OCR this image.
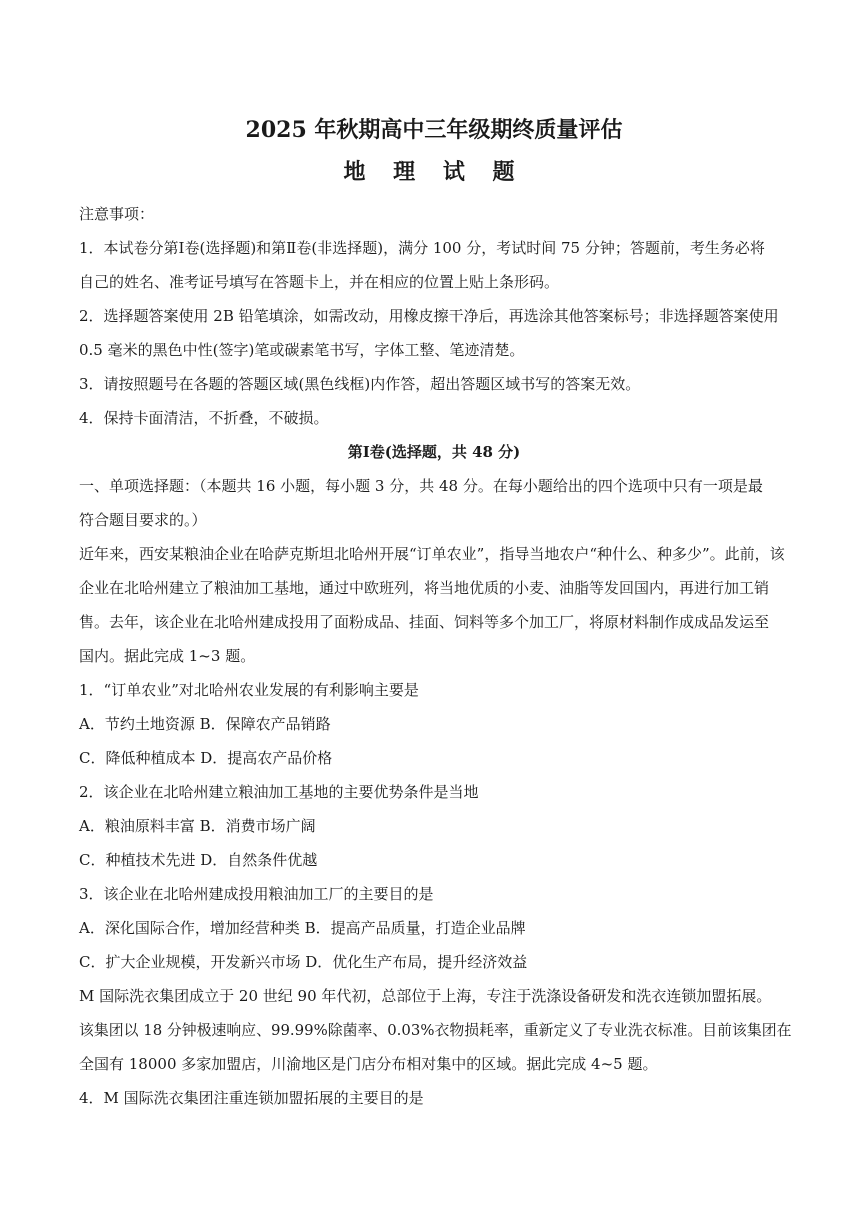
2025 年秋期高中三年级期终质量评估
地 理 试 题

注意事项：

1．本试卷分第Ⅰ卷(选择题)和第Ⅱ卷(非选择题)，满分 100 分，考试时间 75 分钟；答题前，考生务必将

自己的姓名、准考证号填写在答题卡上，并在相应的位置上贴上条形码。

2．选择题答案使用 2B 铅笔填涂，如需改动，用橡皮擦干净后，再选涂其他答案标号；非选择题答案使用

0.5 毫米的黑色中性(签字)笔或碳素笔书写，字体工整、笔迹清楚。

3．请按照题号在各题的答题区域(黑色线框)内作答，超出答题区域书写的答案无效。

4．保持卡面清洁，不折叠，不破损。

第Ⅰ卷(选择题，共 48 分)

一、单项选择题：（本题共 16 小题，每小题 3 分，共 48 分。在每小题给出的四个选项中只有一项是最

符合题目要求的。）

近年来，西安某粮油企业在哈萨克斯坦北哈州开展“订单农业”，指导当地农户“种什么、种多少”。此前，该

企业在北哈州建立了粮油加工基地，通过中欧班列，将当地优质的小麦、油脂等发回国内，再进行加工销

售。去年，该企业在北哈州建成投用了面粉成品、挂面、饲料等多个加工厂，将原材料制作成成品发运至

国内。据此完成 1~3 题。

1．“订单农业”对北哈州农业发展的有利影响主要是

A．节约土地资源 B．保障农产品销路

C．降低种植成本 D．提高农产品价格

2．该企业在北哈州建立粮油加工基地的主要优势条件是当地

A．粮油原料丰富 B．消费市场广阔

C．种植技术先进 D．自然条件优越

3．该企业在北哈州建成投用粮油加工厂的主要目的是

A．深化国际合作，增加经营种类 B．提高产品质量，打造企业品牌

C．扩大企业规模，开发新兴市场 D．优化生产布局，提升经济效益

M 国际洗衣集团成立于 20 世纪 90 年代初，总部位于上海，专注于洗涤设备研发和洗衣连锁加盟拓展。

该集团以 18 分钟极速响应、99.99%除菌率、0.03%衣物损耗率，重新定义了专业洗衣标准。目前该集团在

全国有 18000 多家加盟店，川渝地区是门店分布相对集中的区域。据此完成 4~5 题。

4．M 国际洗衣集团注重连锁加盟拓展的主要目的是
